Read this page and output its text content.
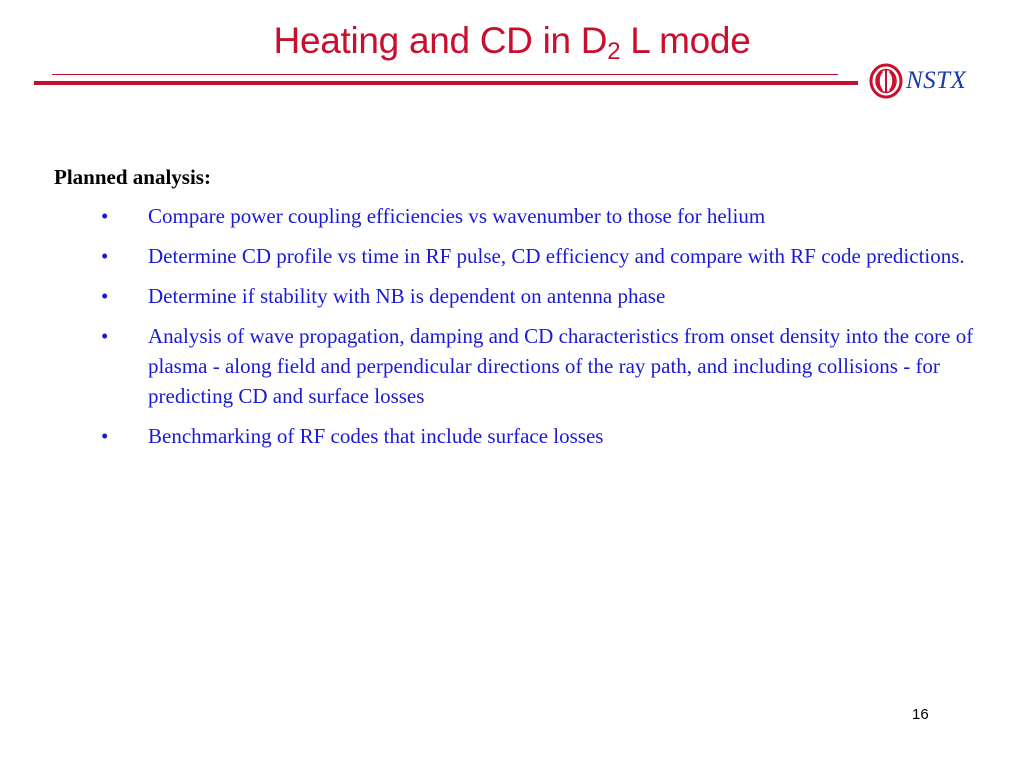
Heating and CD in $D_2$ L mode
NSTX
Planned analysis:
• Compare power coupling efficiencies vs wavenumber to those for helium
• Determine CD profile vs time in RF pulse, CD efficiency and compare with RF code predictions.
• Determine if stability with NB is dependent on antenna phase
• Analysis of wave propagation, damping and CD characteristics from onset density into the core of plasma - along field and perpendicular directions of the ray path, and including collisions - for predicting CD and surface losses
• Benchmarking of RF codes that include surface losses
16
